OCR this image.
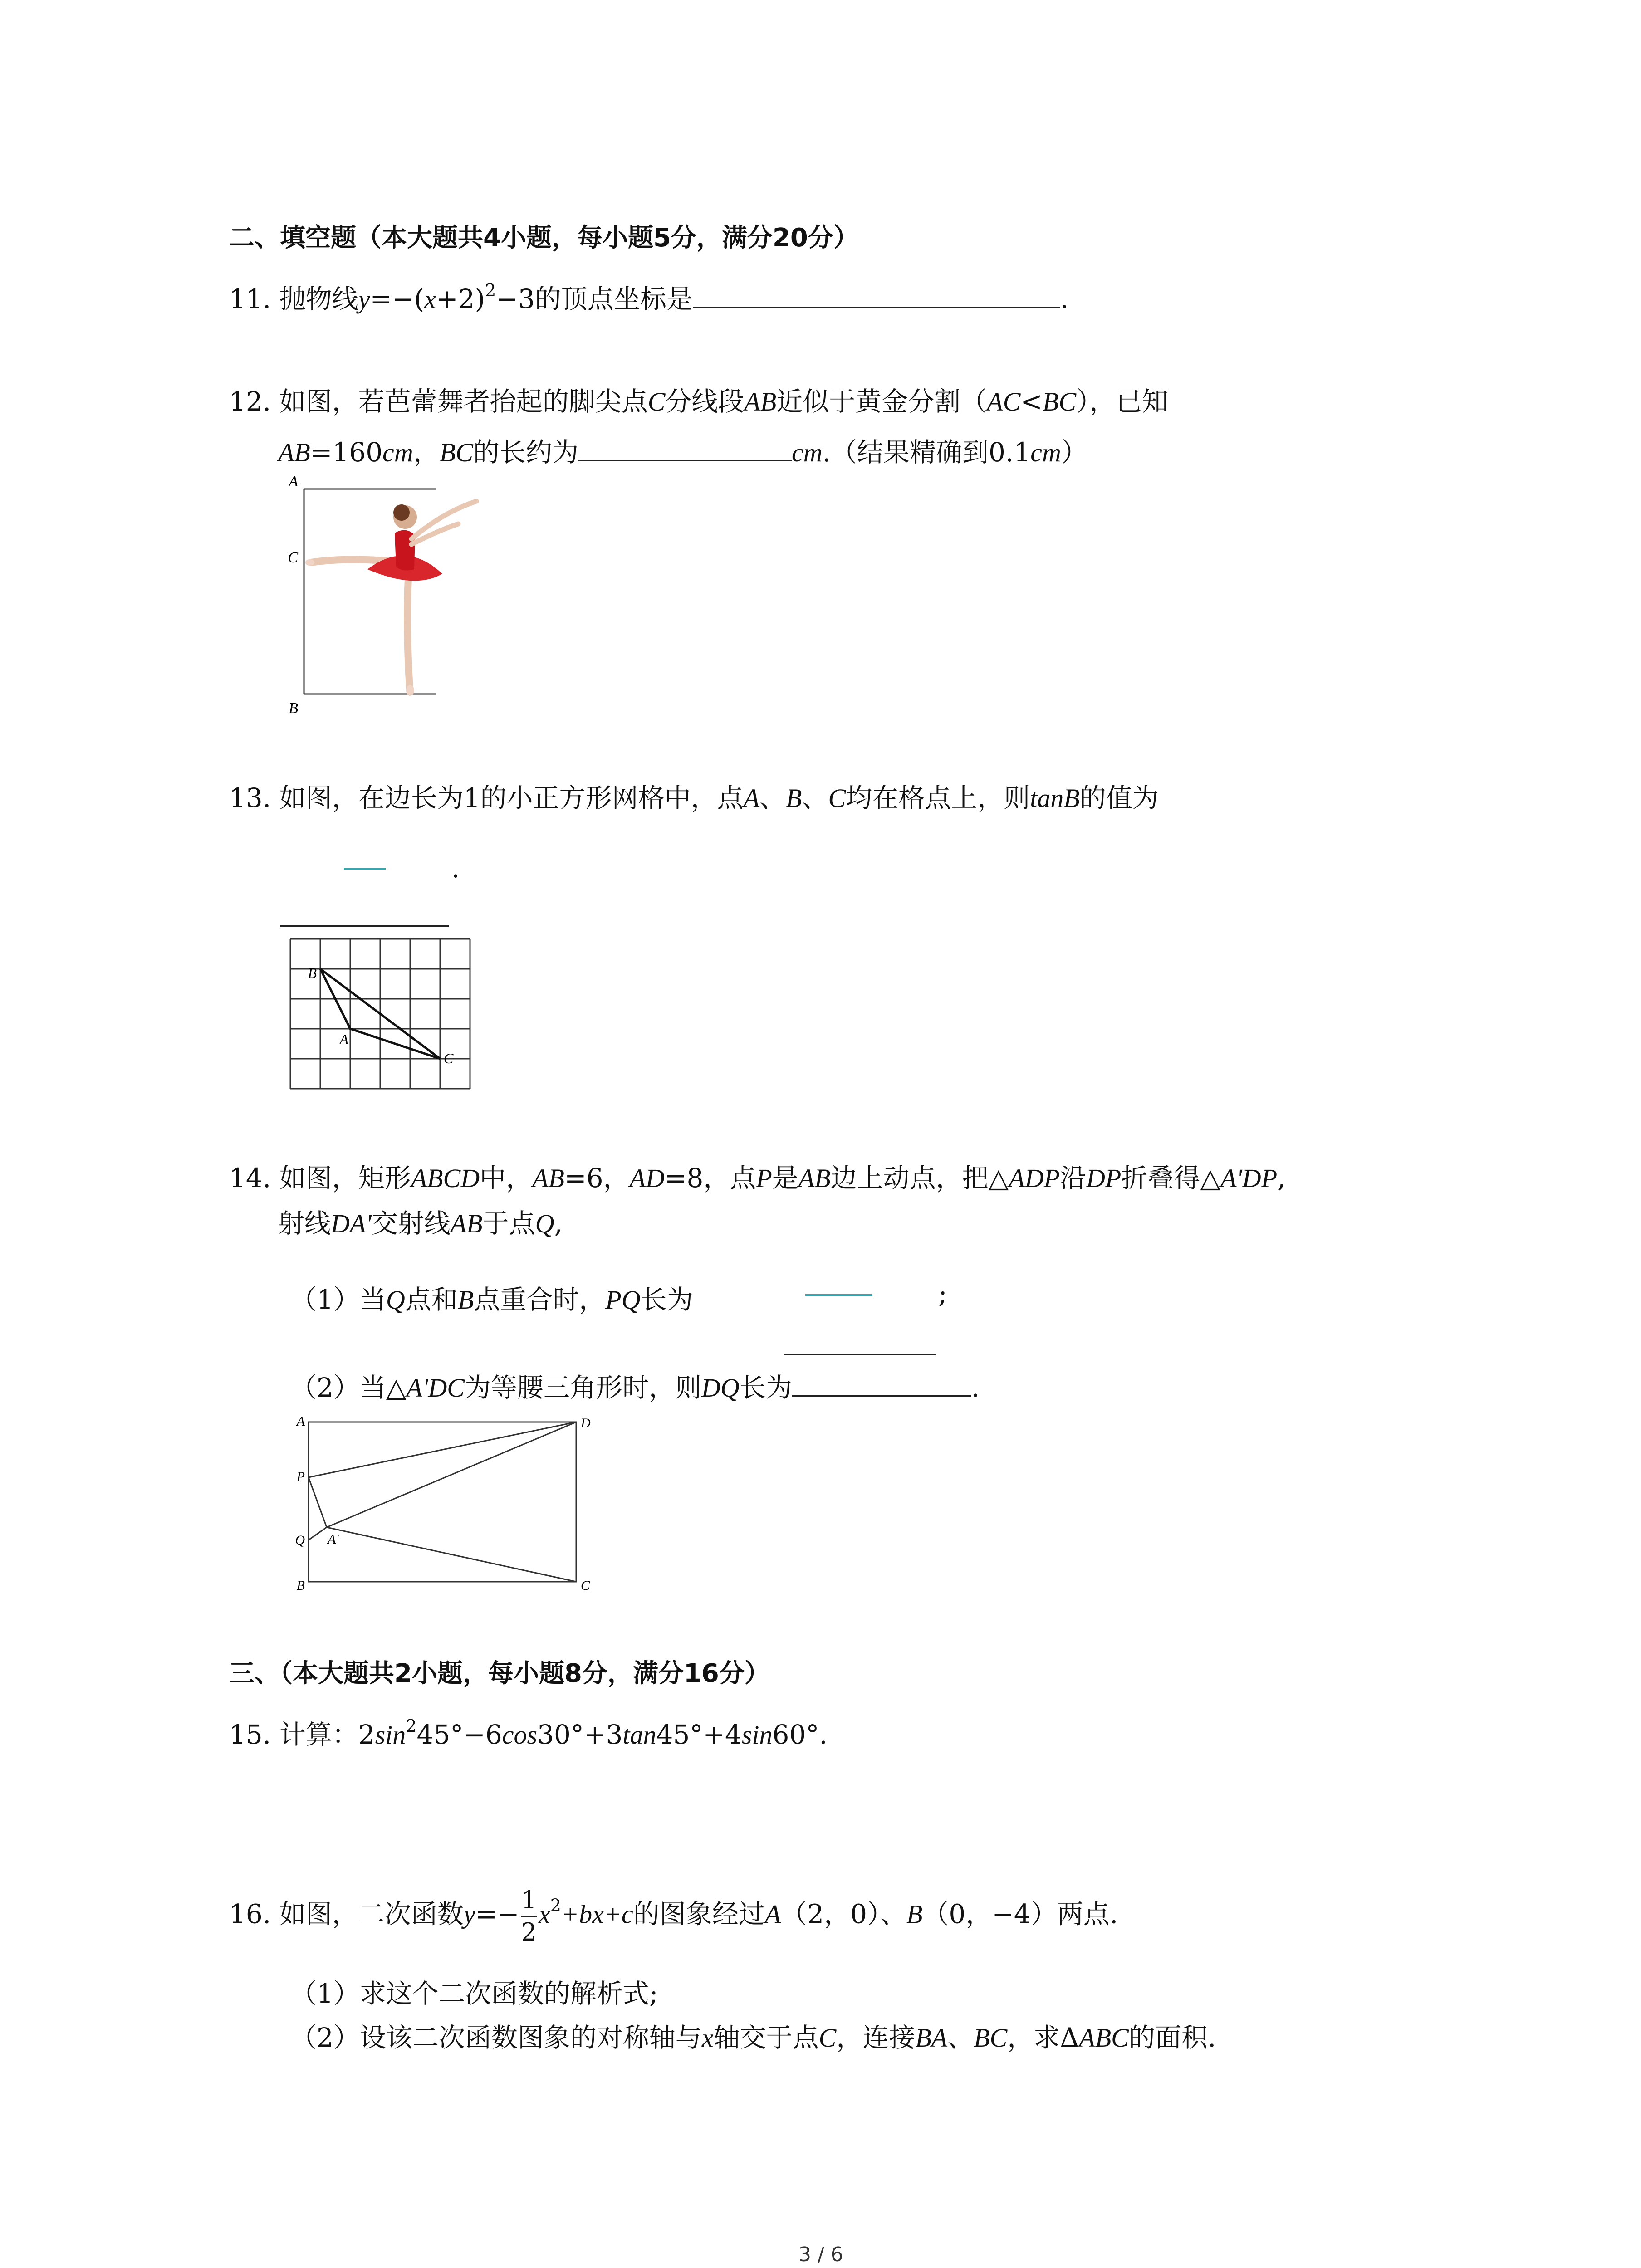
二、填空题（本大题共4小题，每小题5分，满分20分）
11. 抛物线$y=-(x+2)^2-3$的顶点坐标是	.
12. 如图，若芭蕾舞者抬起的脚尖点C分线段AB近似于黄金分割（AC<BC），已知
AB=160cm，BC的长约为	cm.（结果精确到0.1cm）
A
C
B
13. 如图，在边长为1的小正方形网格中，点A、B、C均在格点上，则tanB的值为
.
B
A
C
14. 如图，矩形ABCD中，AB=6，AD=8，点P是AB边上动点，把△ADP沿DP折叠得△A'DP,
射线DA'交射线AB于点Q,
（1）当Q点和B点重合时，PQ长为	;
（2）当△A'DC为等腰三角形时，则DQ长为	.
A	D
P
Q A'
B	C
三、（本大题共2小题，每小题8分，满分16分）
15. 计算：$2\sin^245^\circ-6\cos 30^\circ+3\tan 45^\circ+4\sin 60^\circ$.
16. 如图，二次函数$y=- \frac{1}{2} x^2+bx+c$的图象经过A（2，0）、B（0，−4）两点.
（1）求这个二次函数的解析式;
（2）设该二次函数图象的对称轴与x轴交于点C，连接BA、BC，求ΔABC的面积.
3 / 6
